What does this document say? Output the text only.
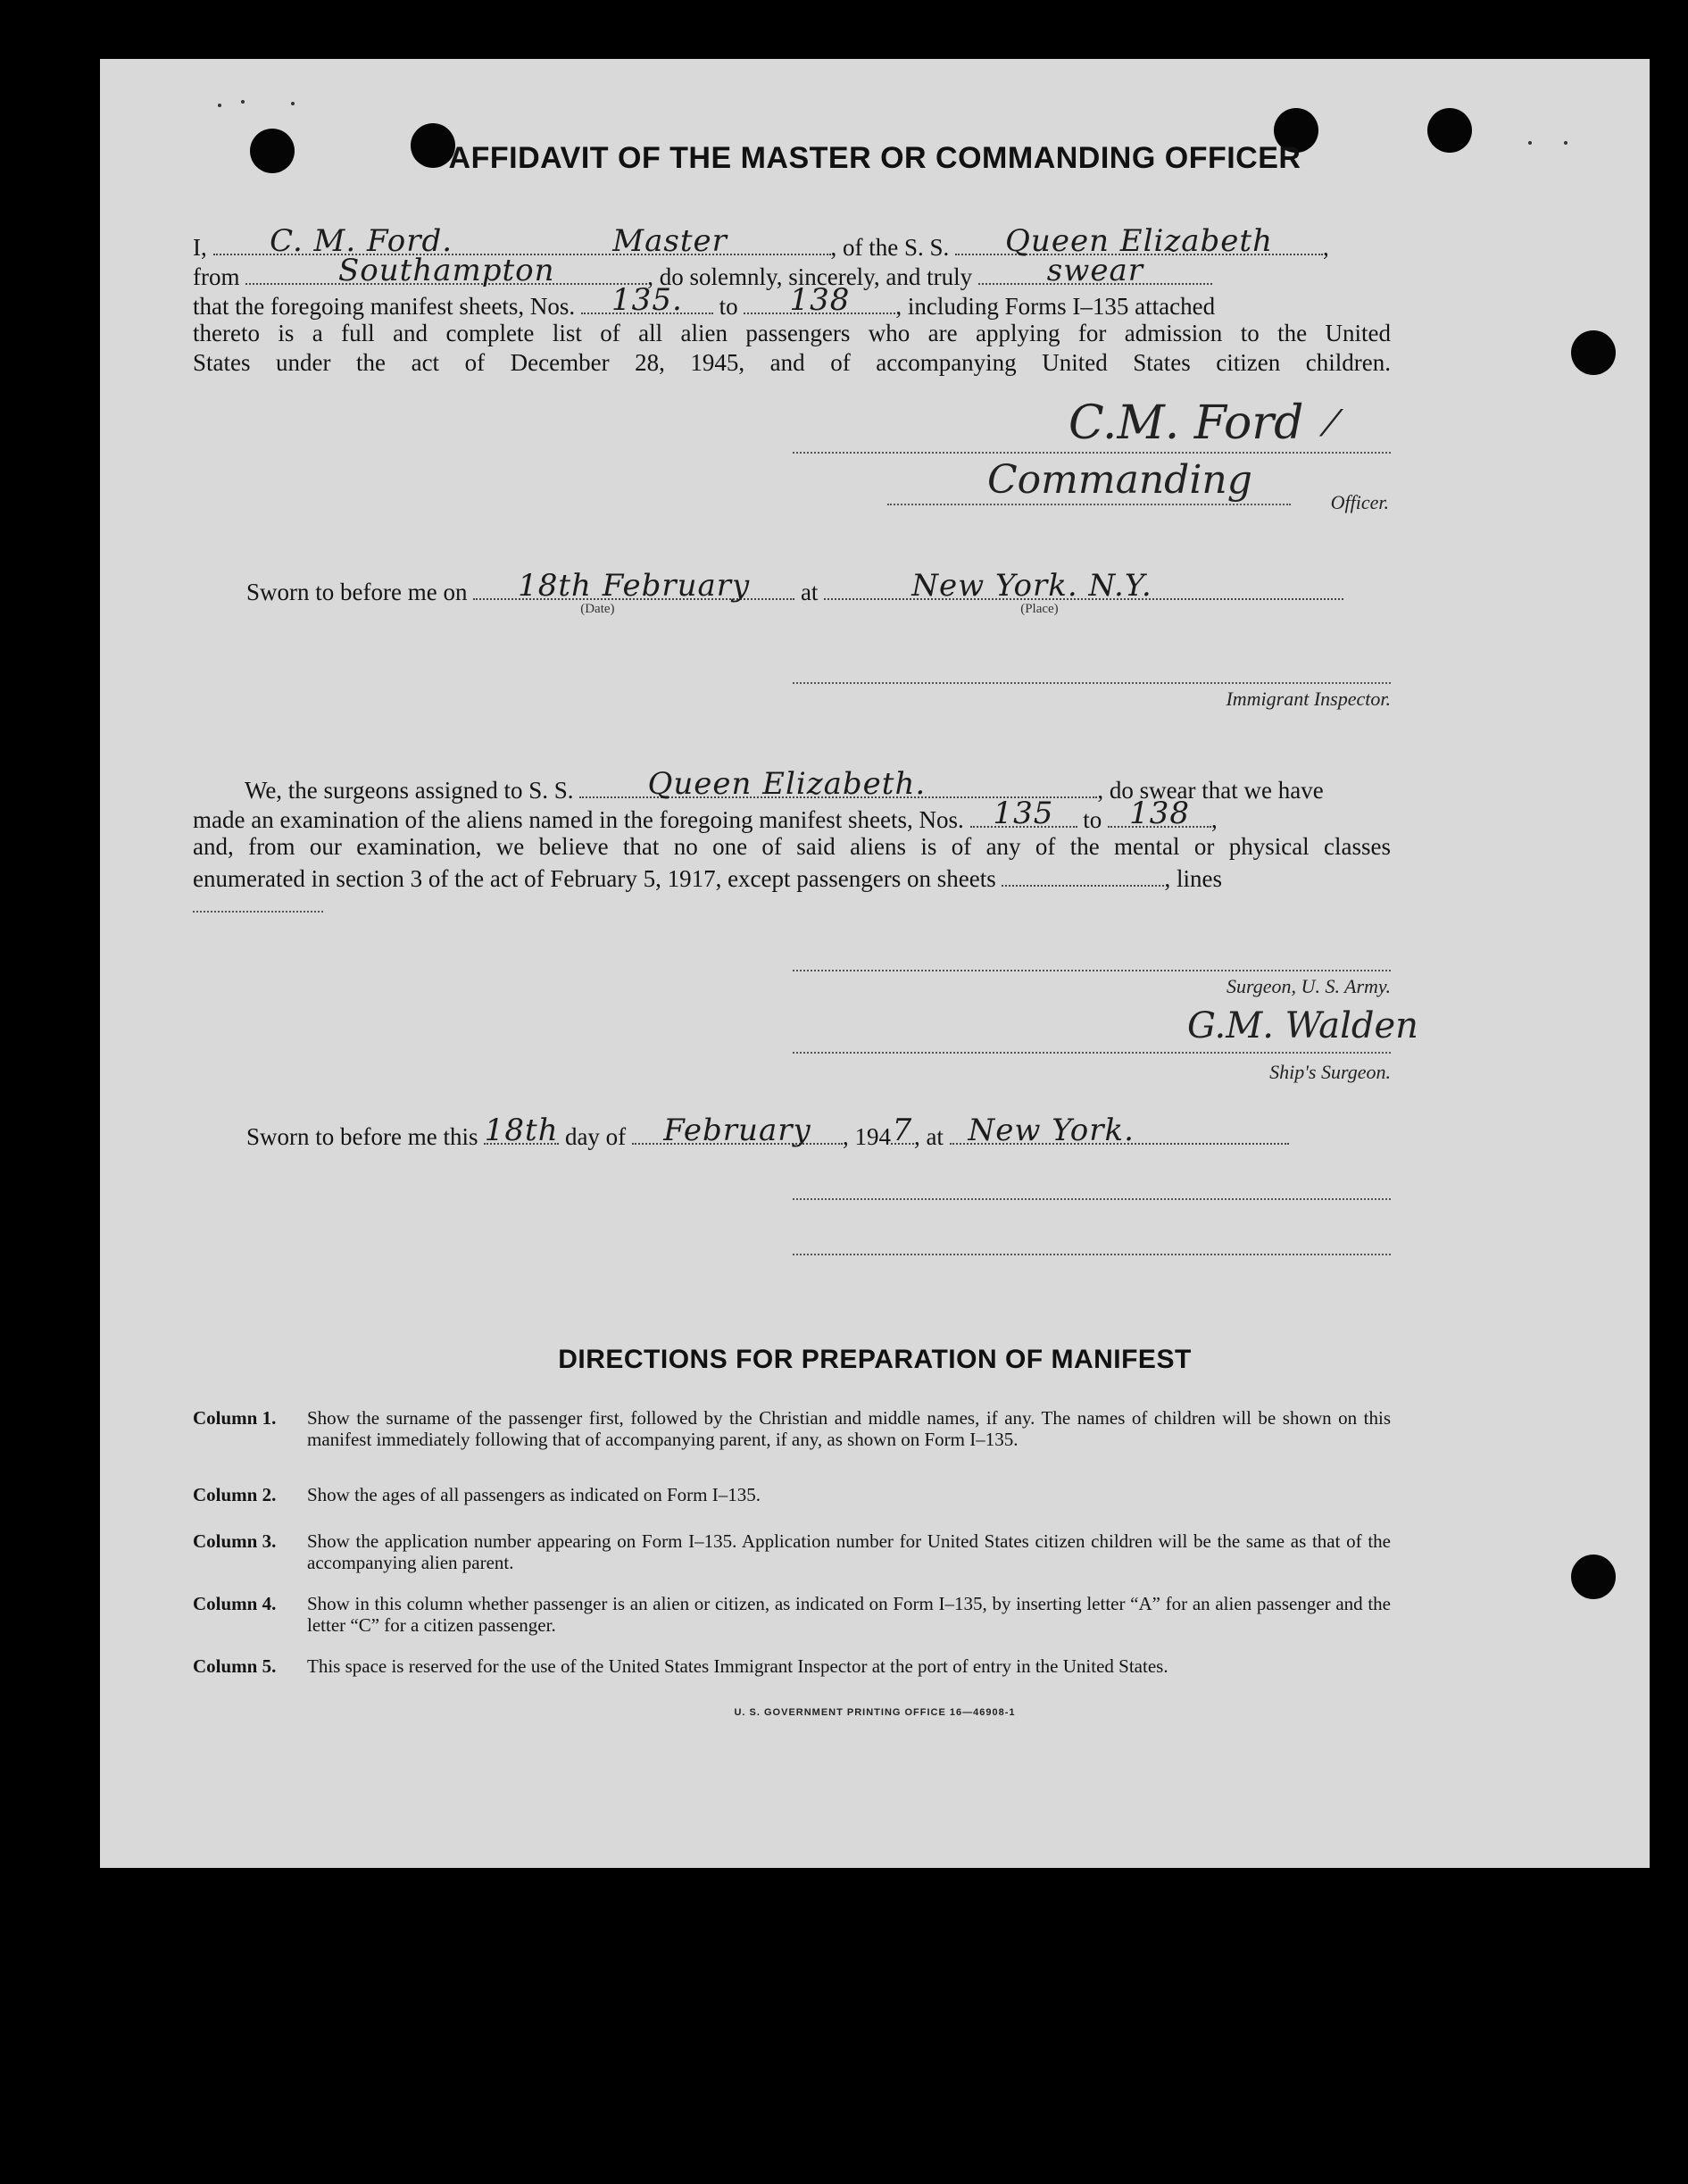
AFFIDAVIT OF THE MASTER OR COMMANDING OFFICER
I, C. M. Ford.	Master	, of the S. S. Queen Elizabeth ,
from	Southampton	, do solemnly, sincerely, and truly swear
that the foregoing manifest sheets, Nos. 135. to 138 , including Forms I–135 attached
thereto is a full and complete list of all alien passengers who are applying for admission to the United
States under the act of December 28, 1945, and of accompanying United States citizen children.
C.M. Ford ⁄
Commanding	Officer.
Sworn to before me on 18th February
(Date)
at	New York. N.Y.
(Place)
Immigrant Inspector.
We, the surgeons assigned to S. S. Queen Elizabeth.	, do swear that we have
made an examination of the aliens named in the foregoing manifest sheets, Nos. 135 to 138 ,
and, from our examination, we believe that no one of said aliens is of any of the mental or physical classes
enumerated in section 3 of the act of February 5, 1917, except passengers on sheets	, lines
Surgeon, U. S. Army.
G.M. Walden
Ship's Surgeon.
Sworn to before me this 18th day of February , 194 7 , at New York.
DIRECTIONS FOR PREPARATION OF MANIFEST
Column 1.	Show the surname of the passenger first, followed by the Christian and middle names, if any. The names of children will be shown on this manifest immediately following that of accompanying parent, if any, as shown on Form I–135.
Column 2.	Show the ages of all passengers as indicated on Form I–135.
Column 3.	Show the application number appearing on Form I–135. Application number for United States citizen children will be the same as that of the accompanying alien parent.
Column 4.	Show in this column whether passenger is an alien or citizen, as indicated on Form I–135, by inserting letter “A” for an alien passenger and the letter “C” for a citizen passenger.
Column 5.	This space is reserved for the use of the United States Immigrant Inspector at the port of entry in the United States.
U. S. GOVERNMENT PRINTING OFFICE 16—46908-1
